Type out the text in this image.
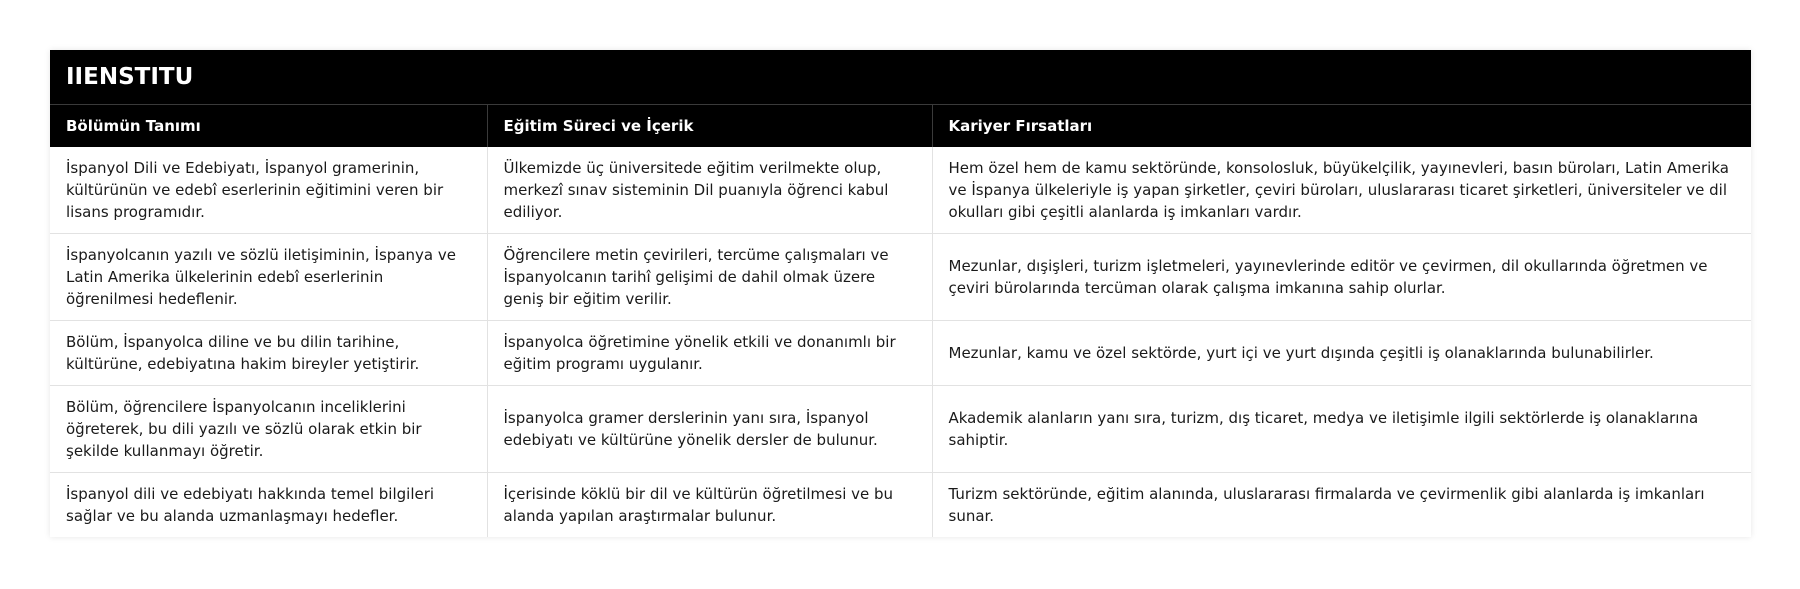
IIENSTITU		
Bölümün Tanımı	Eğitim Süreci ve İçerik	Kariyer Fırsatları
İspanyol Dili ve Edebiyatı, İspanyol gramerinin, kültürünün ve edebî eserlerinin eğitimini veren bir lisans programıdır.	Ülkemizde üç üniversitede eğitim verilmekte olup, merkezî sınav sisteminin Dil puanıyla öğrenci kabul ediliyor.	Hem özel hem de kamu sektöründe, konsolosluk, büyükelçilik, yayınevleri, basın büroları, Latin Amerika ve İspanya ülkeleriyle iş yapan şirketler, çeviri büroları, uluslararası ticaret şirketleri, üniversiteler ve dil okulları gibi çeşitli alanlarda iş imkanları vardır.
İspanyolcanın yazılı ve sözlü iletişiminin, İspanya ve Latin Amerika ülkelerinin edebî eserlerinin öğrenilmesi hedeflenir.	Öğrencilere metin çevirileri, tercüme çalışmaları ve İspanyolcanın tarihî gelişimi de dahil olmak üzere geniş bir eğitim verilir.	Mezunlar, dışişleri, turizm işletmeleri, yayınevlerinde editör ve çevirmen, dil okullarında öğretmen ve çeviri bürolarında tercüman olarak çalışma imkanına sahip olurlar.
Bölüm, İspanyolca diline ve bu dilin tarihine, kültürüne, edebiyatına hakim bireyler yetiştirir.	İspanyolca öğretimine yönelik etkili ve donanımlı bir eğitim programı uygulanır.	Mezunlar, kamu ve özel sektörde, yurt içi ve yurt dışında çeşitli iş olanaklarında bulunabilirler.
Bölüm, öğrencilere İspanyolcanın inceliklerini öğreterek, bu dili yazılı ve sözlü olarak etkin bir şekilde kullanmayı öğretir.	İspanyolca gramer derslerinin yanı sıra, İspanyol edebiyatı ve kültürüne yönelik dersler de bulunur.	Akademik alanların yanı sıra, turizm, dış ticaret, medya ve iletişimle ilgili sektörlerde iş olanaklarına sahiptir.
İspanyol dili ve edebiyatı hakkında temel bilgileri sağlar ve bu alanda uzmanlaşmayı hedefler.	İçerisinde köklü bir dil ve kültürün öğretilmesi ve bu alanda yapılan araştırmalar bulunur.	Turizm sektöründe, eğitim alanında, uluslararası firmalarda ve çevirmenlik gibi alanlarda iş imkanları sunar.
